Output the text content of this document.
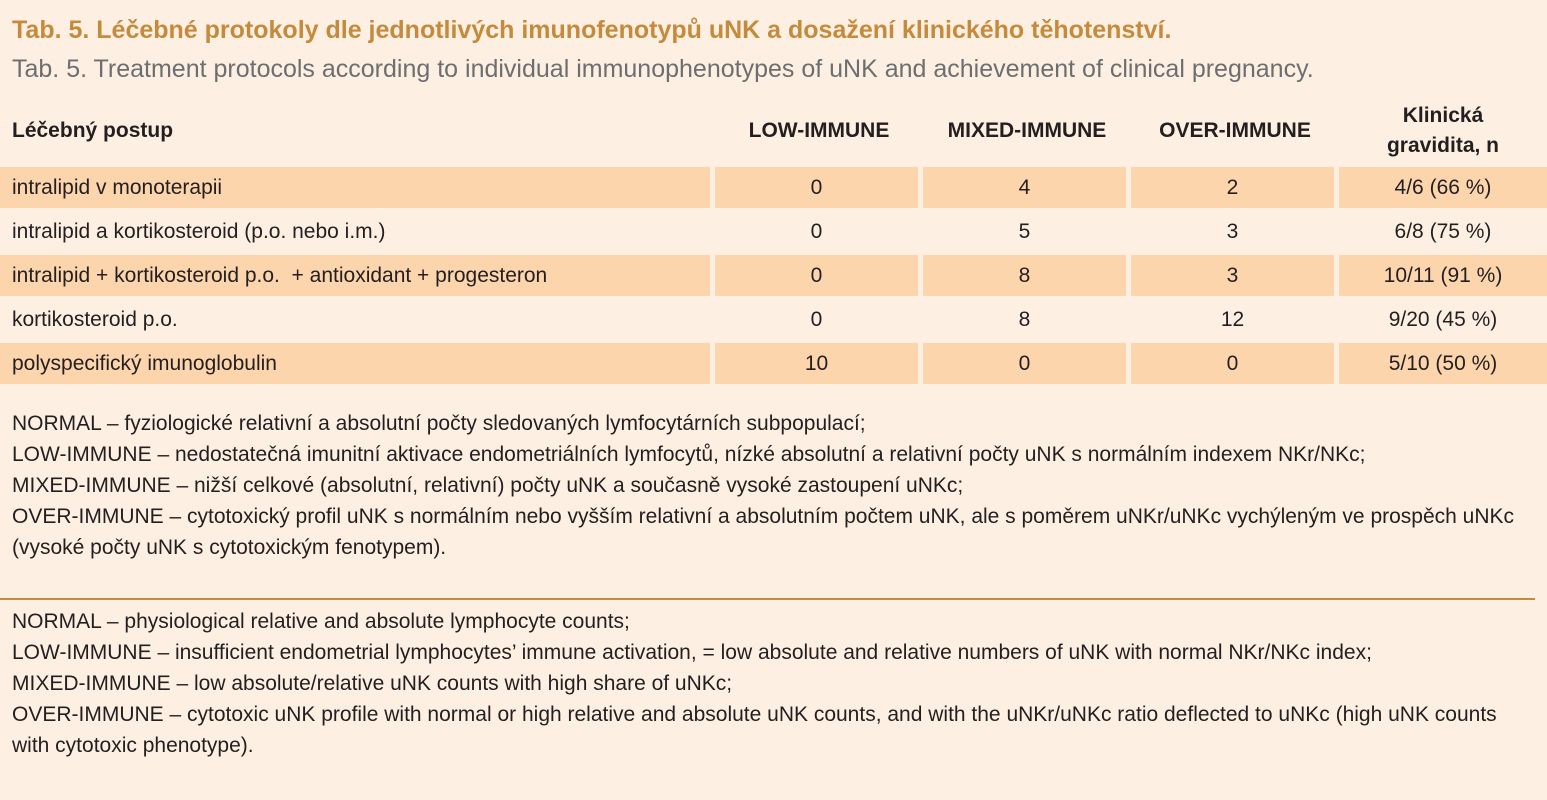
Tab. 5. Léčebné protokoly dle jednotlivých imunofenotypů uNK a dosažení klinického těhotenství.
Tab. 5. Treatment protocols according to individual immunophenotypes of uNK and achievement of clinical pregnancy.
Léčebný postup	LOW-IMMUNE	MIXED-IMMUNE	OVER-IMMUNE	Klinická
gravidita, n

intralipid v monoterapii	0	4	2	4/6 (66 %)
intralipid a kortikosteroid (p.o. nebo i.m.)	0	5	3	6/8 (75 %)
intralipid + kortikosteroid p.o.  + antioxidant + progesteron	0	8	3	10/11 (91 %)
kortikosteroid p.o.	0	8	12	9/20 (45 %)
polyspecifický imunoglobulin	10	0	0	5/10 (50 %)

NORMAL – fyziologické relativní a absolutní počty sledovaných lymfocytárních subpopulací;

LOW-IMMUNE – nedostatečná imunitní aktivace endometriálních lymfocytů, nízké absolutní a relativní počty uNK s normálním indexem NKr/NKc;

MIXED-IMMUNE – nižší celkové (absolutní, relativní) počty uNK a současně vysoké zastoupení uNKc;

OVER-IMMUNE – cytotoxický profil uNK s normálním nebo vyšším relativní a absolutním počtem uNK, ale s poměrem uNKr/uNKc vychýleným ve prospěch uNKc (vysoké počty uNK s cytotoxickým fenotypem).

NORMAL – physiological relative and absolute lymphocyte counts;

LOW-IMMUNE – insufficient endometrial lymphocytes’ immune activation, = low absolute and relative numbers of uNK with normal NKr/NKc index;

MIXED-IMMUNE – low absolute/relative uNK counts with high share of uNKc;

OVER-IMMUNE – cytotoxic uNK profile with normal or high relative and absolute uNK counts, and with the uNKr/uNKc ratio deflected to uNKc (high uNK counts with cytotoxic phenotype).
